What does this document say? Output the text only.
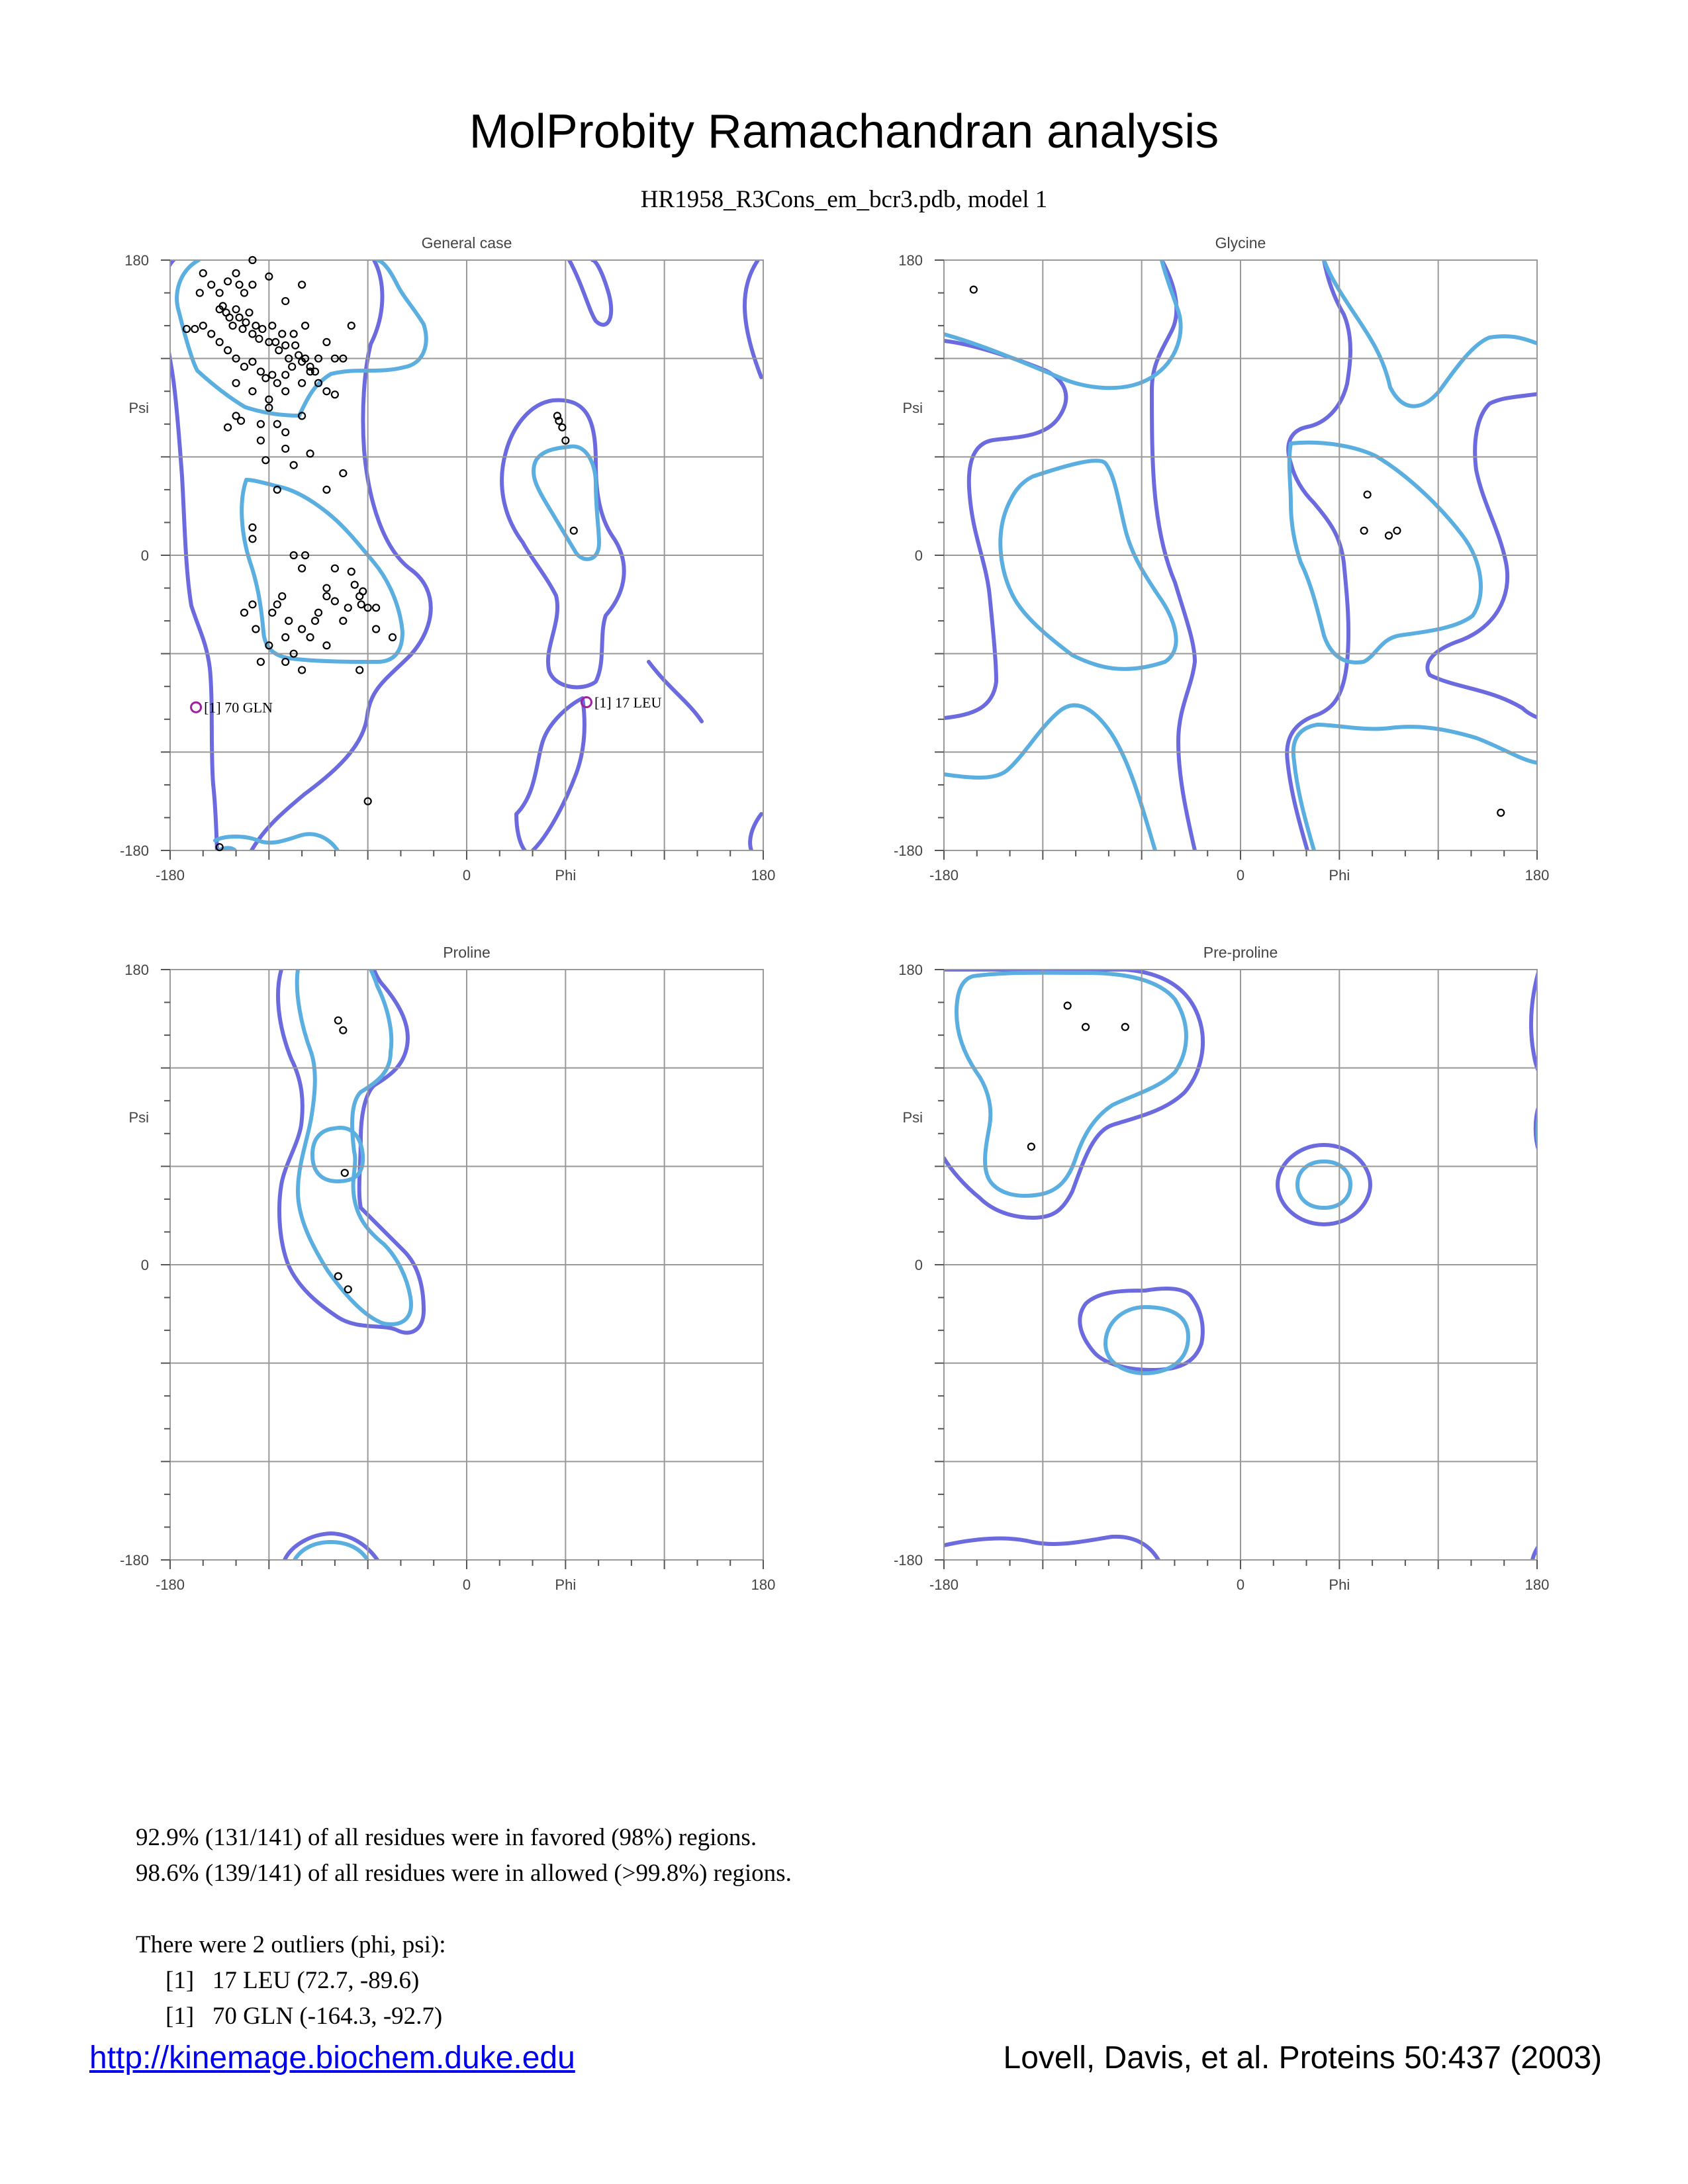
MolProbity Ramachandran analysis
HR1958_R3Cons_em_bcr3.pdb, model 1
General case
-180	0	Phi	180
180
Psi
0
-180
[1] 70 GLN	[1] 17 LEU
Glycine
-180	0	Phi	180
180
Psi
0
-180
Proline
-180	0	Phi	180
180
Psi
0
-180
Pre-proline
-180	0	Phi	180
180
Psi
0
-180
92.9% (131/141) of all residues were in favored (98%) regions.
98.6% (139/141) of all residues were in allowed (>99.8%) regions.

There were 2 outliers (phi, psi):
[1]   17 LEU (72.7, -89.6)
[1]   70 GLN (-164.3, -92.7)
http://kinemage.biochem.duke.edu	Lovell, Davis, et al. Proteins 50:437 (2003)
